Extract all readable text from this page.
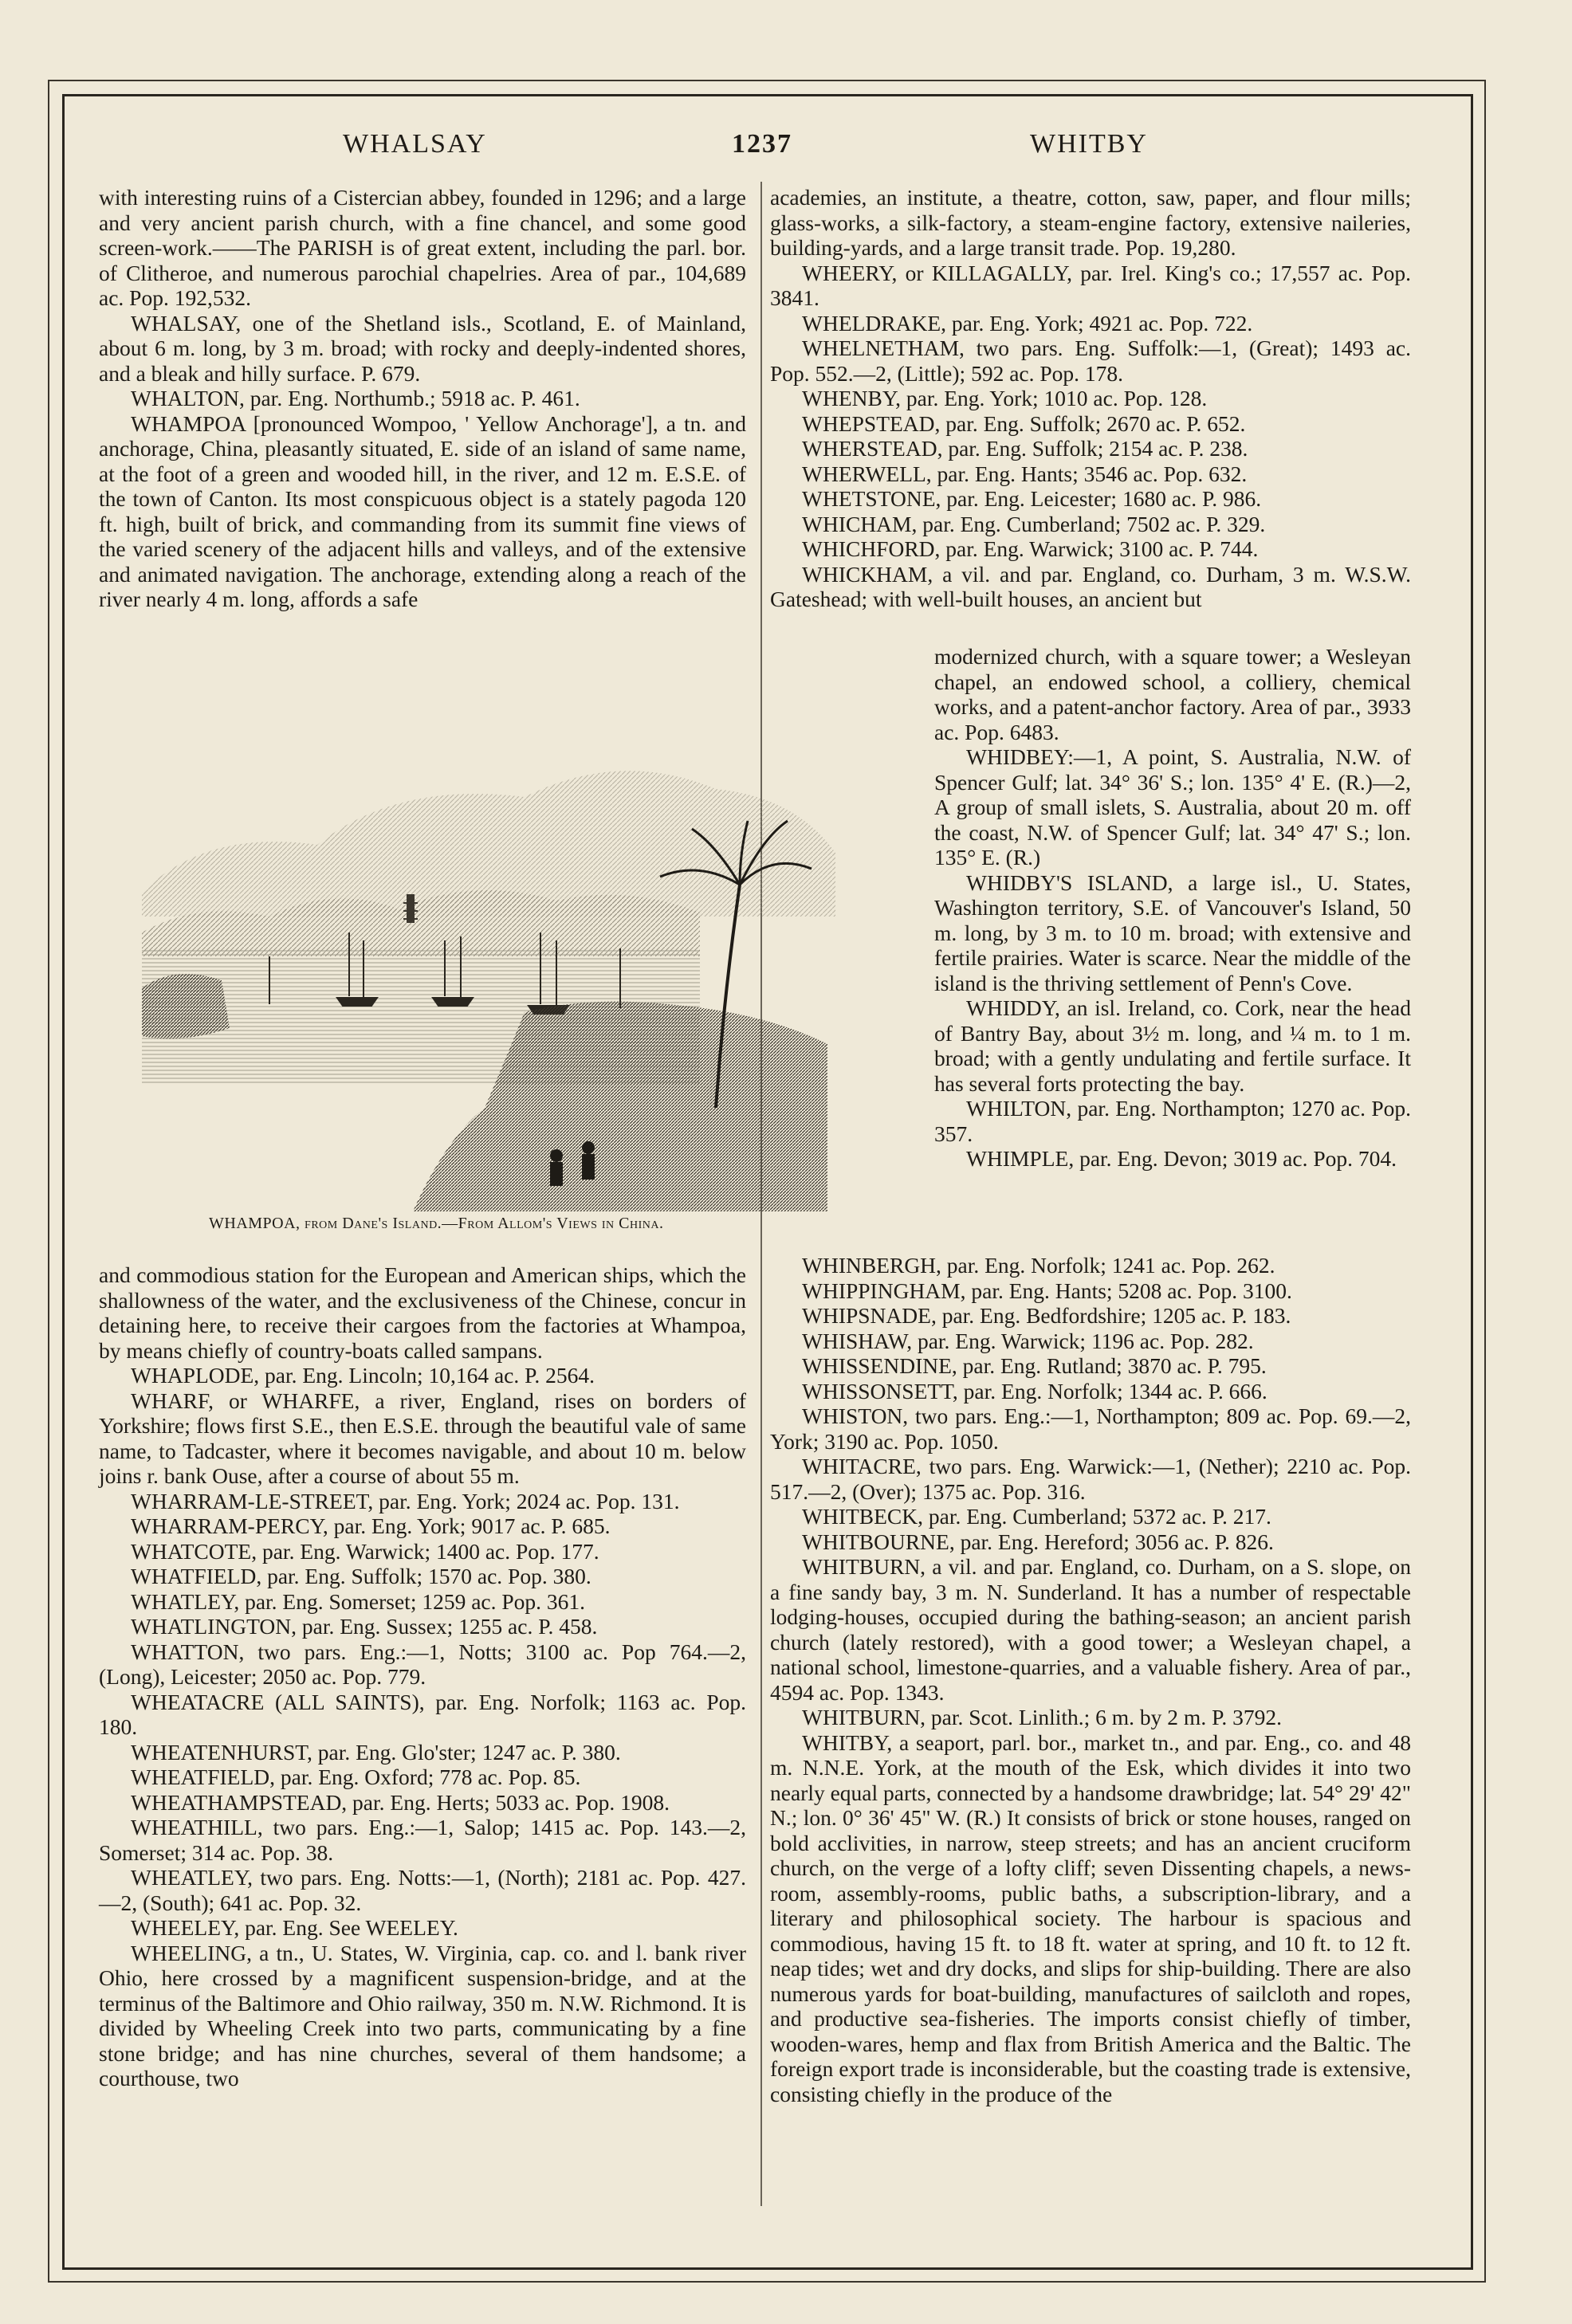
WHALSAY	1237	WHITBY

with interesting ruins of a Cistercian abbey, founded in 1296; and a large and very ancient parish church, with a fine chancel, and some good screen-work.——The PARISH is of great extent, including the parl. bor. of Clitheroe, and numerous parochial chapelries. Area of par., 104,689 ac. Pop. 192,532.

WHALSAY, one of the Shetland isls., Scotland, E. of Mainland, about 6 m. long, by 3 m. broad; with rocky and deeply-indented shores, and a bleak and hilly surface. P. 679.

WHALTON, par. Eng. Northumb.; 5918 ac. P. 461.

WHAMPOA [pronounced Wompoo, ' Yellow Anchorage'], a tn. and anchorage, China, pleasantly situated, E. side of an island of same name, at the foot of a green and wooded hill, in the river, and 12 m. E.S.E. of the town of Canton. Its most conspicuous object is a stately pagoda 120 ft. high, built of brick, and commanding from its summit fine views of the varied scenery of the adjacent hills and valleys, and of the extensive and animated navigation. The anchorage, extending along a reach of the river nearly 4 m. long, affords a safe

WHAMPOA, from Dane's Island.—From Allom's Views in China.

and commodious station for the European and American ships, which the shallowness of the water, and the exclusiveness of the Chinese, concur in detaining here, to receive their cargoes from the factories at Whampoa, by means chiefly of country-boats called sampans.

WHAPLODE, par. Eng. Lincoln; 10,164 ac. P. 2564.

WHARF, or WHARFE, a river, England, rises on borders of Yorkshire; flows first S.E., then E.S.E. through the beautiful vale of same name, to Tadcaster, where it becomes navigable, and about 10 m. below joins r. bank Ouse, after a course of about 55 m.

WHARRAM-LE-STREET, par. Eng. York; 2024 ac. Pop. 131.

WHARRAM-PERCY, par. Eng. York; 9017 ac. P. 685.

WHATCOTE, par. Eng. Warwick; 1400 ac. Pop. 177.

WHATFIELD, par. Eng. Suffolk; 1570 ac. Pop. 380.

WHATLEY, par. Eng. Somerset; 1259 ac. Pop. 361.

WHATLINGTON, par. Eng. Sussex; 1255 ac. P. 458.

WHATTON, two pars. Eng.:—1, Notts; 3100 ac. Pop 764.—2, (Long), Leicester; 2050 ac. Pop. 779.

WHEATACRE (ALL SAINTS), par. Eng. Norfolk; 1163 ac. Pop. 180.

WHEATENHURST, par. Eng. Glo'ster; 1247 ac. P. 380.

WHEATFIELD, par. Eng. Oxford; 778 ac. Pop. 85.

WHEATHAMPSTEAD, par. Eng. Herts; 5033 ac. Pop. 1908.

WHEATHILL, two pars. Eng.:—1, Salop; 1415 ac. Pop. 143.—2, Somerset; 314 ac. Pop. 38.

WHEATLEY, two pars. Eng. Notts:—1, (North); 2181 ac. Pop. 427.—2, (South); 641 ac. Pop. 32.

WHEELEY, par. Eng. See WEELEY.

WHEELING, a tn., U. States, W. Virginia, cap. co. and l. bank river Ohio, here crossed by a magnificent suspension-bridge, and at the terminus of the Baltimore and Ohio railway, 350 m. N.W. Richmond. It is divided by Wheeling Creek into two parts, communicating by a fine stone bridge; and has nine churches, several of them handsome; a courthouse, two

academies, an institute, a theatre, cotton, saw, paper, and flour mills; glass-works, a silk-factory, a steam-engine factory, extensive naileries, building-yards, and a large transit trade. Pop. 19,280.

WHEERY, or KILLAGALLY, par. Irel. King's co.; 17,557 ac. Pop. 3841.

WHELDRAKE, par. Eng. York; 4921 ac. Pop. 722.

WHELNETHAM, two pars. Eng. Suffolk:—1, (Great); 1493 ac. Pop. 552.—2, (Little); 592 ac. Pop. 178.

WHENBY, par. Eng. York; 1010 ac. Pop. 128.

WHEPSTEAD, par. Eng. Suffolk; 2670 ac. P. 652.

WHERSTEAD, par. Eng. Suffolk; 2154 ac. P. 238.

WHERWELL, par. Eng. Hants; 3546 ac. Pop. 632.

WHETSTONE, par. Eng. Leicester; 1680 ac. P. 986.

WHICHAM, par. Eng. Cumberland; 7502 ac. P. 329.

WHICHFORD, par. Eng. Warwick; 3100 ac. P. 744.

WHICKHAM, a vil. and par. England, co. Durham, 3 m. W.S.W. Gateshead; with well-built houses, an ancient but

modernized church, with a square tower; a Wesleyan chapel, an endowed school, a colliery, chemical works, and a patent-anchor factory. Area of par., 3933 ac. Pop. 6483.

WHIDBEY:—1, A point, S. Australia, N.W. of Spencer Gulf; lat. 34° 36' S.; lon. 135° 4' E. (R.)—2, A group of small islets, S. Australia, about 20 m. off the coast, N.W. of Spencer Gulf; lat. 34° 47' S.; lon. 135° E. (R.)

WHIDBY'S ISLAND, a large isl., U. States, Washington territory, S.E. of Vancouver's Island, 50 m. long, by 3 m. to 10 m. broad; with extensive and fertile prairies. Water is scarce. Near the middle of the island is the thriving settlement of Penn's Cove.

WHIDDY, an isl. Ireland, co. Cork, near the head of Bantry Bay, about 3½ m. long, and ¼ m. to 1 m. broad; with a gently undulating and fertile surface. It has several forts protecting the bay.

WHILTON, par. Eng. Northampton; 1270 ac. Pop. 357.

WHIMPLE, par. Eng. Devon; 3019 ac. Pop. 704.

WHINBERGH, par. Eng. Norfolk; 1241 ac. Pop. 262.

WHIPPINGHAM, par. Eng. Hants; 5208 ac. Pop. 3100.

WHIPSNADE, par. Eng. Bedfordshire; 1205 ac. P. 183.

WHISHAW, par. Eng. Warwick; 1196 ac. Pop. 282.

WHISSENDINE, par. Eng. Rutland; 3870 ac. P. 795.

WHISSONSETT, par. Eng. Norfolk; 1344 ac. P. 666.

WHISTON, two pars. Eng.:—1, Northampton; 809 ac. Pop. 69.—2, York; 3190 ac. Pop. 1050.

WHITACRE, two pars. Eng. Warwick:—1, (Nether); 2210 ac. Pop. 517.—2, (Over); 1375 ac. Pop. 316.

WHITBECK, par. Eng. Cumberland; 5372 ac. P. 217.

WHITBOURNE, par. Eng. Hereford; 3056 ac. P. 826.

WHITBURN, a vil. and par. England, co. Durham, on a S. slope, on a fine sandy bay, 3 m. N. Sunderland. It has a number of respectable lodging-houses, occupied during the bathing-season; an ancient parish church (lately restored), with a good tower; a Wesleyan chapel, a national school, limestone-quarries, and a valuable fishery. Area of par., 4594 ac. Pop. 1343.

WHITBURN, par. Scot. Linlith.; 6 m. by 2 m. P. 3792.

WHITBY, a seaport, parl. bor., market tn., and par. Eng., co. and 48 m. N.N.E. York, at the mouth of the Esk, which divides it into two nearly equal parts, connected by a handsome drawbridge; lat. 54° 29' 42" N.; lon. 0° 36' 45" W. (R.) It consists of brick or stone houses, ranged on bold acclivities, in narrow, steep streets; and has an ancient cruciform church, on the verge of a lofty cliff; seven Dissenting chapels, a news-room, assembly-rooms, public baths, a subscription-library, and a literary and philosophical society. The harbour is spacious and commodious, having 15 ft. to 18 ft. water at spring, and 10 ft. to 12 ft. neap tides; wet and dry docks, and slips for ship-building. There are also numerous yards for boat-building, manufactures of sailcloth and ropes, and productive sea-fisheries. The imports consist chiefly of timber, wooden-wares, hemp and flax from British America and the Baltic. The foreign export trade is inconsiderable, but the coasting trade is extensive, consisting chiefly in the produce of the
